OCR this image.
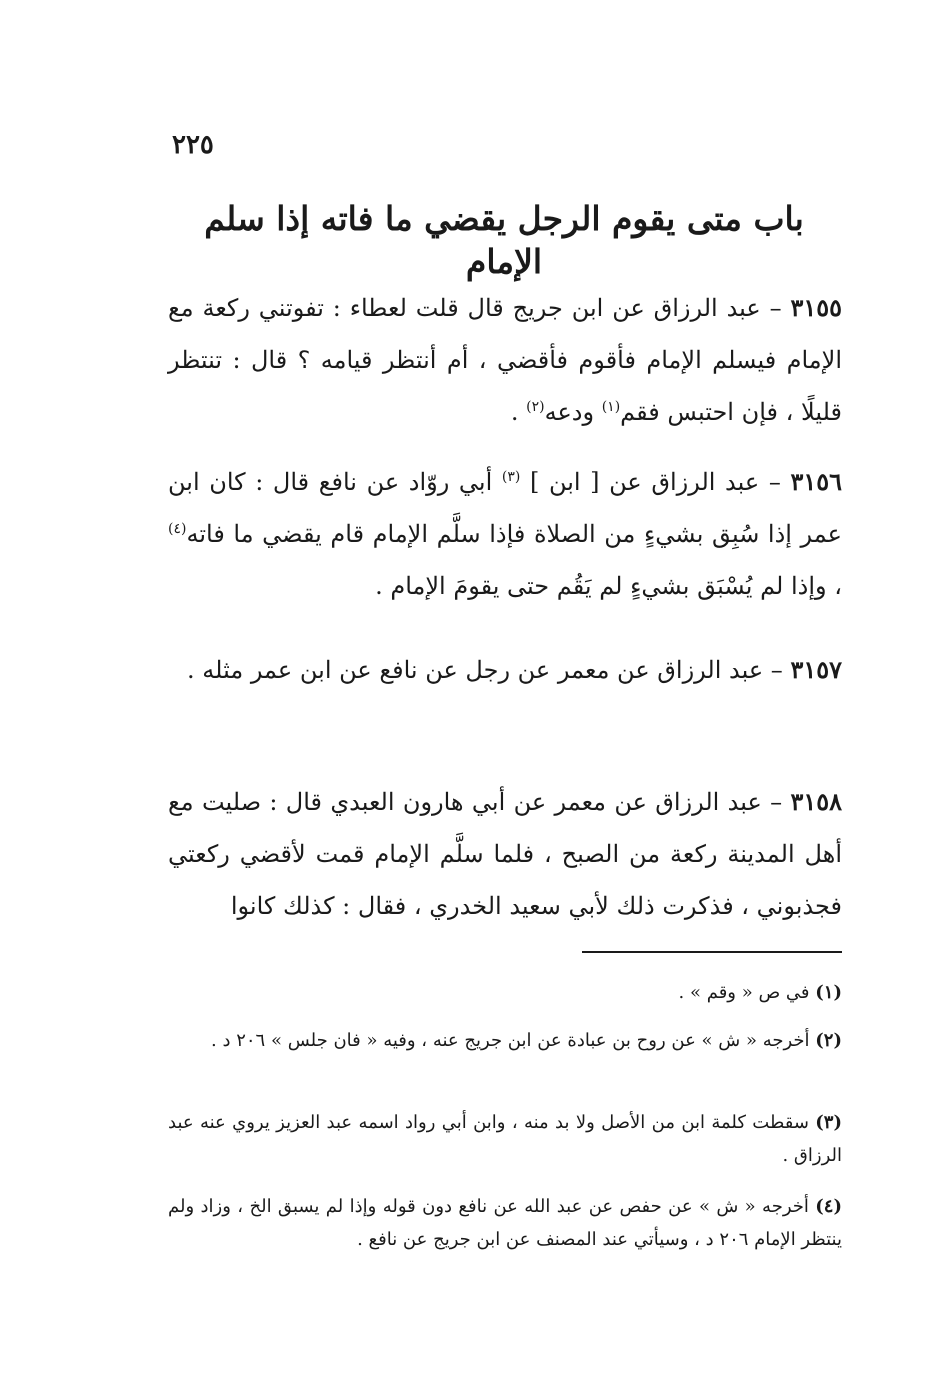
٢٢٥
باب متى يقوم الرجل يقضي ما فاته إذا سلم الإمام
٣١٥٥ – عبد الرزاق عن ابن جريج قال قلت لعطاء : تفوتني ركعة مع الإمام فيسلم الإمام فأقوم فأقضي ، أم أنتظر قيامه ؟ قال : تنتظر قليلًا ، فإن احتبس فقم$^{(١)}$ ودعه$^{(٢)}$ .
٣١٥٦ – عبد الرزاق عن [ ابن ] $^{(٣)}$ أبي روّاد عن نافع قال : كان ابن عمر إذا سُبِق بشيءٍ من الصلاة فإذا سلَّم الإمام قام يقضي ما فاته$^{(٤)}$ ، وإذا لم يُسْبَق بشيءٍ لم يَقُم حتى يقومَ الإمام .
٣١٥٧ – عبد الرزاق عن معمر عن رجل عن نافع عن ابن عمر مثله .
٣١٥٨ – عبد الرزاق عن معمر عن أبي هارون العبدي قال : صليت مع أهل المدينة ركعة من الصبح ، فلما سلَّم الإمام قمت لأقضي ركعتي فجذبوني ، فذكرت ذلك لأبي سعيد الخدري ، فقال : كذلك كانوا
(١) في ص « وقم » .
(٢) أخرجه « ش » عن روح بن عبادة عن ابن جريج عنه ، وفيه « فان جلس » ٢٠٦ د .
(٣) سقطت كلمة ابن من الأصل ولا بد منه ، وابن أبي رواد اسمه عبد العزيز يروي عنه عبد الرزاق .
(٤) أخرجه « ش » عن حفص عن عبد الله عن نافع دون قوله وإذا لم يسبق الخ ، وزاد ولم ينتظر الإمام ٢٠٦ د ، وسيأتي عند المصنف عن ابن جريج عن نافع .
